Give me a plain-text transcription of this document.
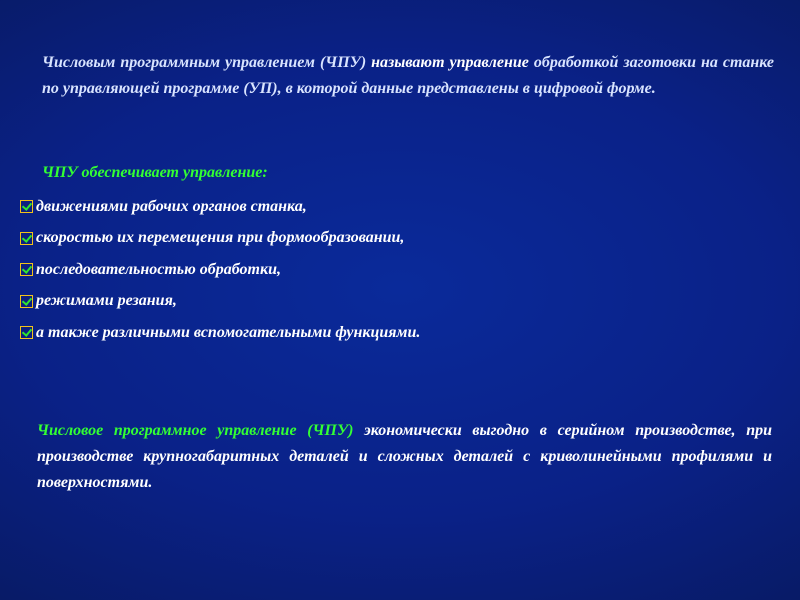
Числовым программным управлением (ЧПУ) называют управление обработкой заготовки на станке по управляющей программе (УП), в которой данные представлены в цифровой форме.

ЧПУ обеспечивает управление:

движениями рабочих органов станка,
скоростью их перемещения при формообразовании,
последовательностью обработки,
режимами резания,
а также различными вспомогательными функциями.

Числовое программное управление (ЧПУ) экономически выгодно в серийном производстве, при производстве крупногабаритных деталей и сложных деталей с криволинейными профилями и поверхностями.
